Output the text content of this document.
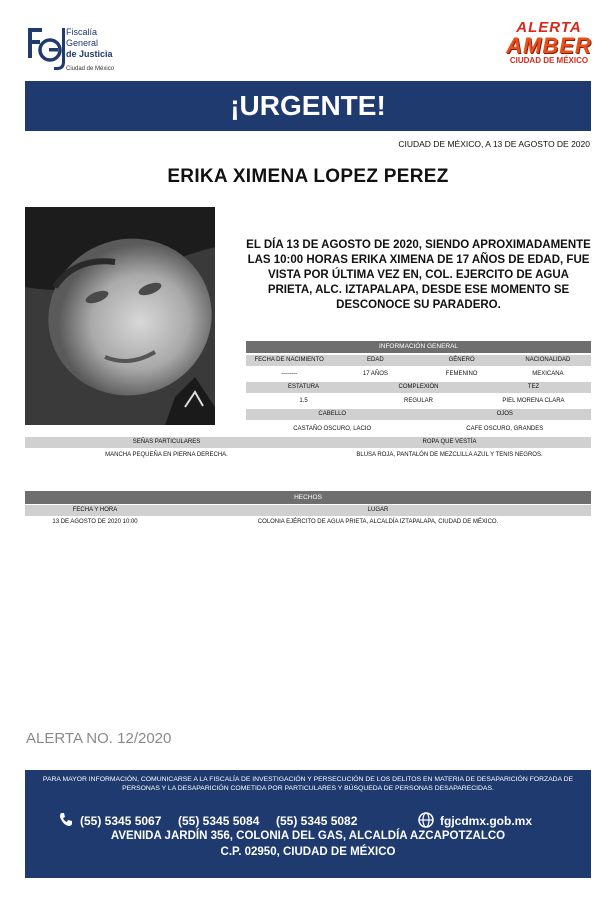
Fiscalía
General
de Justicia
Ciudad de México
ALERTA
AMBER
CIUDAD DE MÉXICO
¡URGENTE!
CIUDAD DE MÉXICO, A 13 DE AGOSTO DE 2020
ERIKA XIMENA LOPEZ PEREZ
EL DÍA 13 DE AGOSTO DE 2020, SIENDO APROXIMADAMENTE LAS 10:00 HORAS ERIKA XIMENA DE 17 AÑOS DE EDAD, FUE VISTA POR ÚLTIMA VEZ EN, COL. EJERCITO DE AGUA PRIETA, ALC. IZTAPALAPA, DESDE ESE MOMENTO SE DESCONOCE SU PARADERO.
INFORMACIÓN GENERAL
FECHA DE NACIMIENTO	EDAD	GÉNERO	NACIONALIDAD
--------	17 AÑOS	FEMENINO	MEXICANA
ESTATURA	COMPLEXIÓN	TEZ
1.5	REGULAR	PIEL MORENA CLARA
CABELLO	OJOS
CASTAÑO OSCURO, LACIO	CAFE OSCURO, GRANDES
SEÑAS PARTICULARES	ROPA QUE VESTÍA
MANCHA PEQUEÑA EN PIERNA DERECHA.	BLUSA ROJA, PANTALÓN DE MEZCLILLA AZUL Y TENIS NEGROS.
HECHOS
FECHA Y HORA	LUGAR
13 DE AGOSTO DE 2020 10:00	COLONIA EJÉRCITO DE AGUA PRIETA, ALCALDÍA IZTAPALAPA, CIUDAD DE MÉXICO.
ALERTA NO. 12/2020
PARA MAYOR INFORMACIÓN, COMUNICARSE A LA FISCALÍA DE INVESTIGACIÓN Y PERSECUCIÓN DE LOS DELITOS EN MATERIA DE DESAPARICIÓN FORZADA DE PERSONAS Y LA DESAPARICIÓN COMETIDA POR PARTICULARES Y BÚSQUEDA DE PERSONAS DESAPARECIDAS.
(55) 5345 5067 (55) 5345 5084 (55) 5345 5082	fgjcdmx.gob.mx
AVENIDA JARDÍN 356, COLONIA DEL GAS, ALCALDÍA AZCAPOTZALCO
C.P. 02950, CIUDAD DE MÉXICO
